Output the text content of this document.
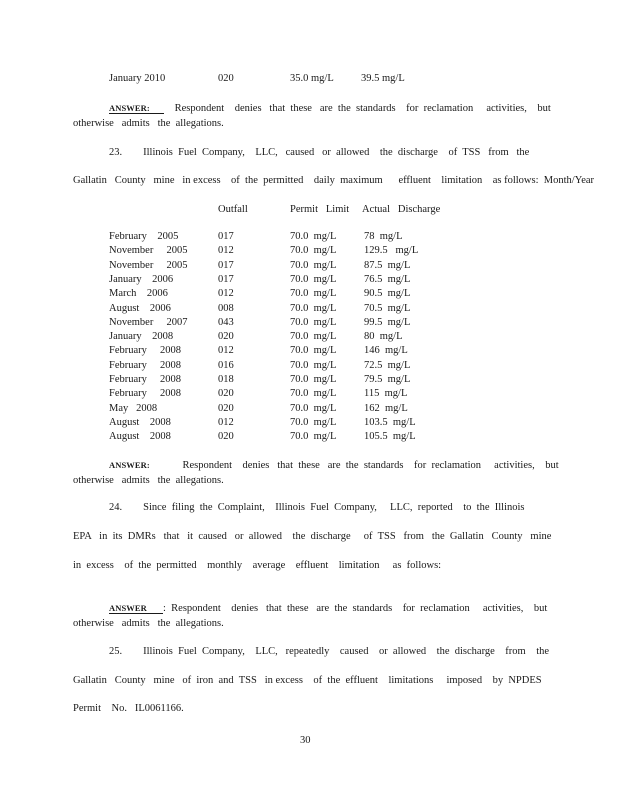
January 2010	020	35.0 mg/L	39.5 mg/L
ANSWER: Respondent    denies   that  these   are  the  standards    for  reclamation     activities,    but
otherwise   admits   the  allegations.
23.        Illinois  Fuel  Company,    LLC,   caused   or  allowed    the  discharge    of  TSS   from   the
Gallatin   County   mine   in excess    of  the  permitted    daily  maximum      effluent    limitation    as follows:  Month/Year
Outfall	Permit   Limit Actual   Discharge
February    2005	017	70.0  mg/L	78  mg/L
November     2005	012	70.0  mg/L	129.5   mg/L
November     2005	017	70.0  mg/L	87.5  mg/L
January    2006	017	70.0  mg/L	76.5  mg/L
March    2006	012	70.0  mg/L	90.5  mg/L
August    2006	008	70.0  mg/L	70.5  mg/L
November     2007	043	70.0  mg/L	99.5  mg/L
January    2008	020	70.0  mg/L	80  mg/L
February     2008	012	70.0  mg/L	146  mg/L
February     2008	016	70.0  mg/L	72.5  mg/L
February     2008	018	70.0  mg/L	79.5  mg/L
February     2008	020	70.0  mg/L	115  mg/L
May   2008	020	70.0  mg/L	162  mg/L
August    2008	012	70.0  mg/L	103.5  mg/L
August    2008	020	70.0  mg/L	105.5  mg/L
ANSWER:	Respondent    denies   that  these   are  the  standards    for  reclamation     activities,    but
otherwise   admits   the  allegations.
24.        Since  filing  the  Complaint,    Illinois  Fuel  Company,     LLC,  reported    to  the  Illinois
EPA   in  its  DMRs   that   it  caused   or  allowed    the  discharge     of  TSS   from   the  Gallatin   County   mine
in  excess    of  the  permitted    monthly    average    effluent    limitation     as  follows:
ANSWER :  Respondent    denies   that  these   are  the  standards    for  reclamation     activities,    but
otherwise   admits   the  allegations.
25.        Illinois  Fuel  Company,    LLC,   repeatedly    caused    or  allowed    the  discharge    from    the
Gallatin   County   mine   of  iron  and  TSS   in excess    of  the  effluent    limitations     imposed    by  NPDES
Permit    No.   IL0061166.
30
